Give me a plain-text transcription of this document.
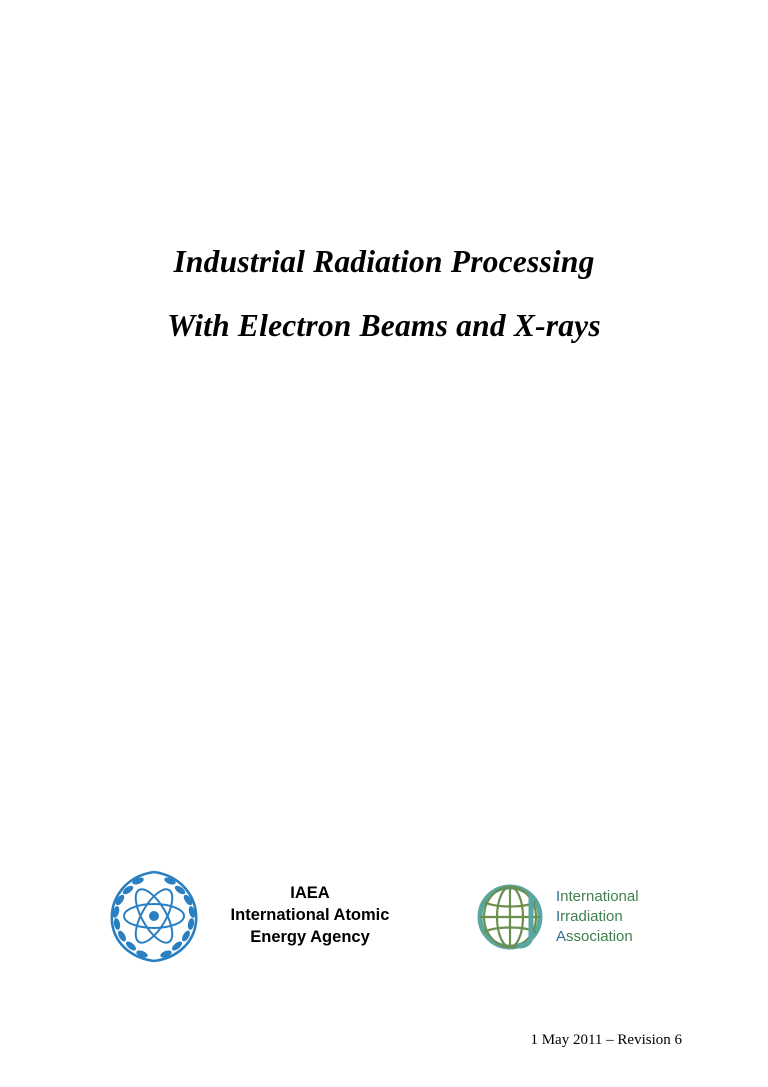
Industrial Radiation Processing
With Electron Beams and X-rays
IAEA
International Atomic
Energy Agency
International
Irradiation
Association
1 May 2011 – Revision 6
